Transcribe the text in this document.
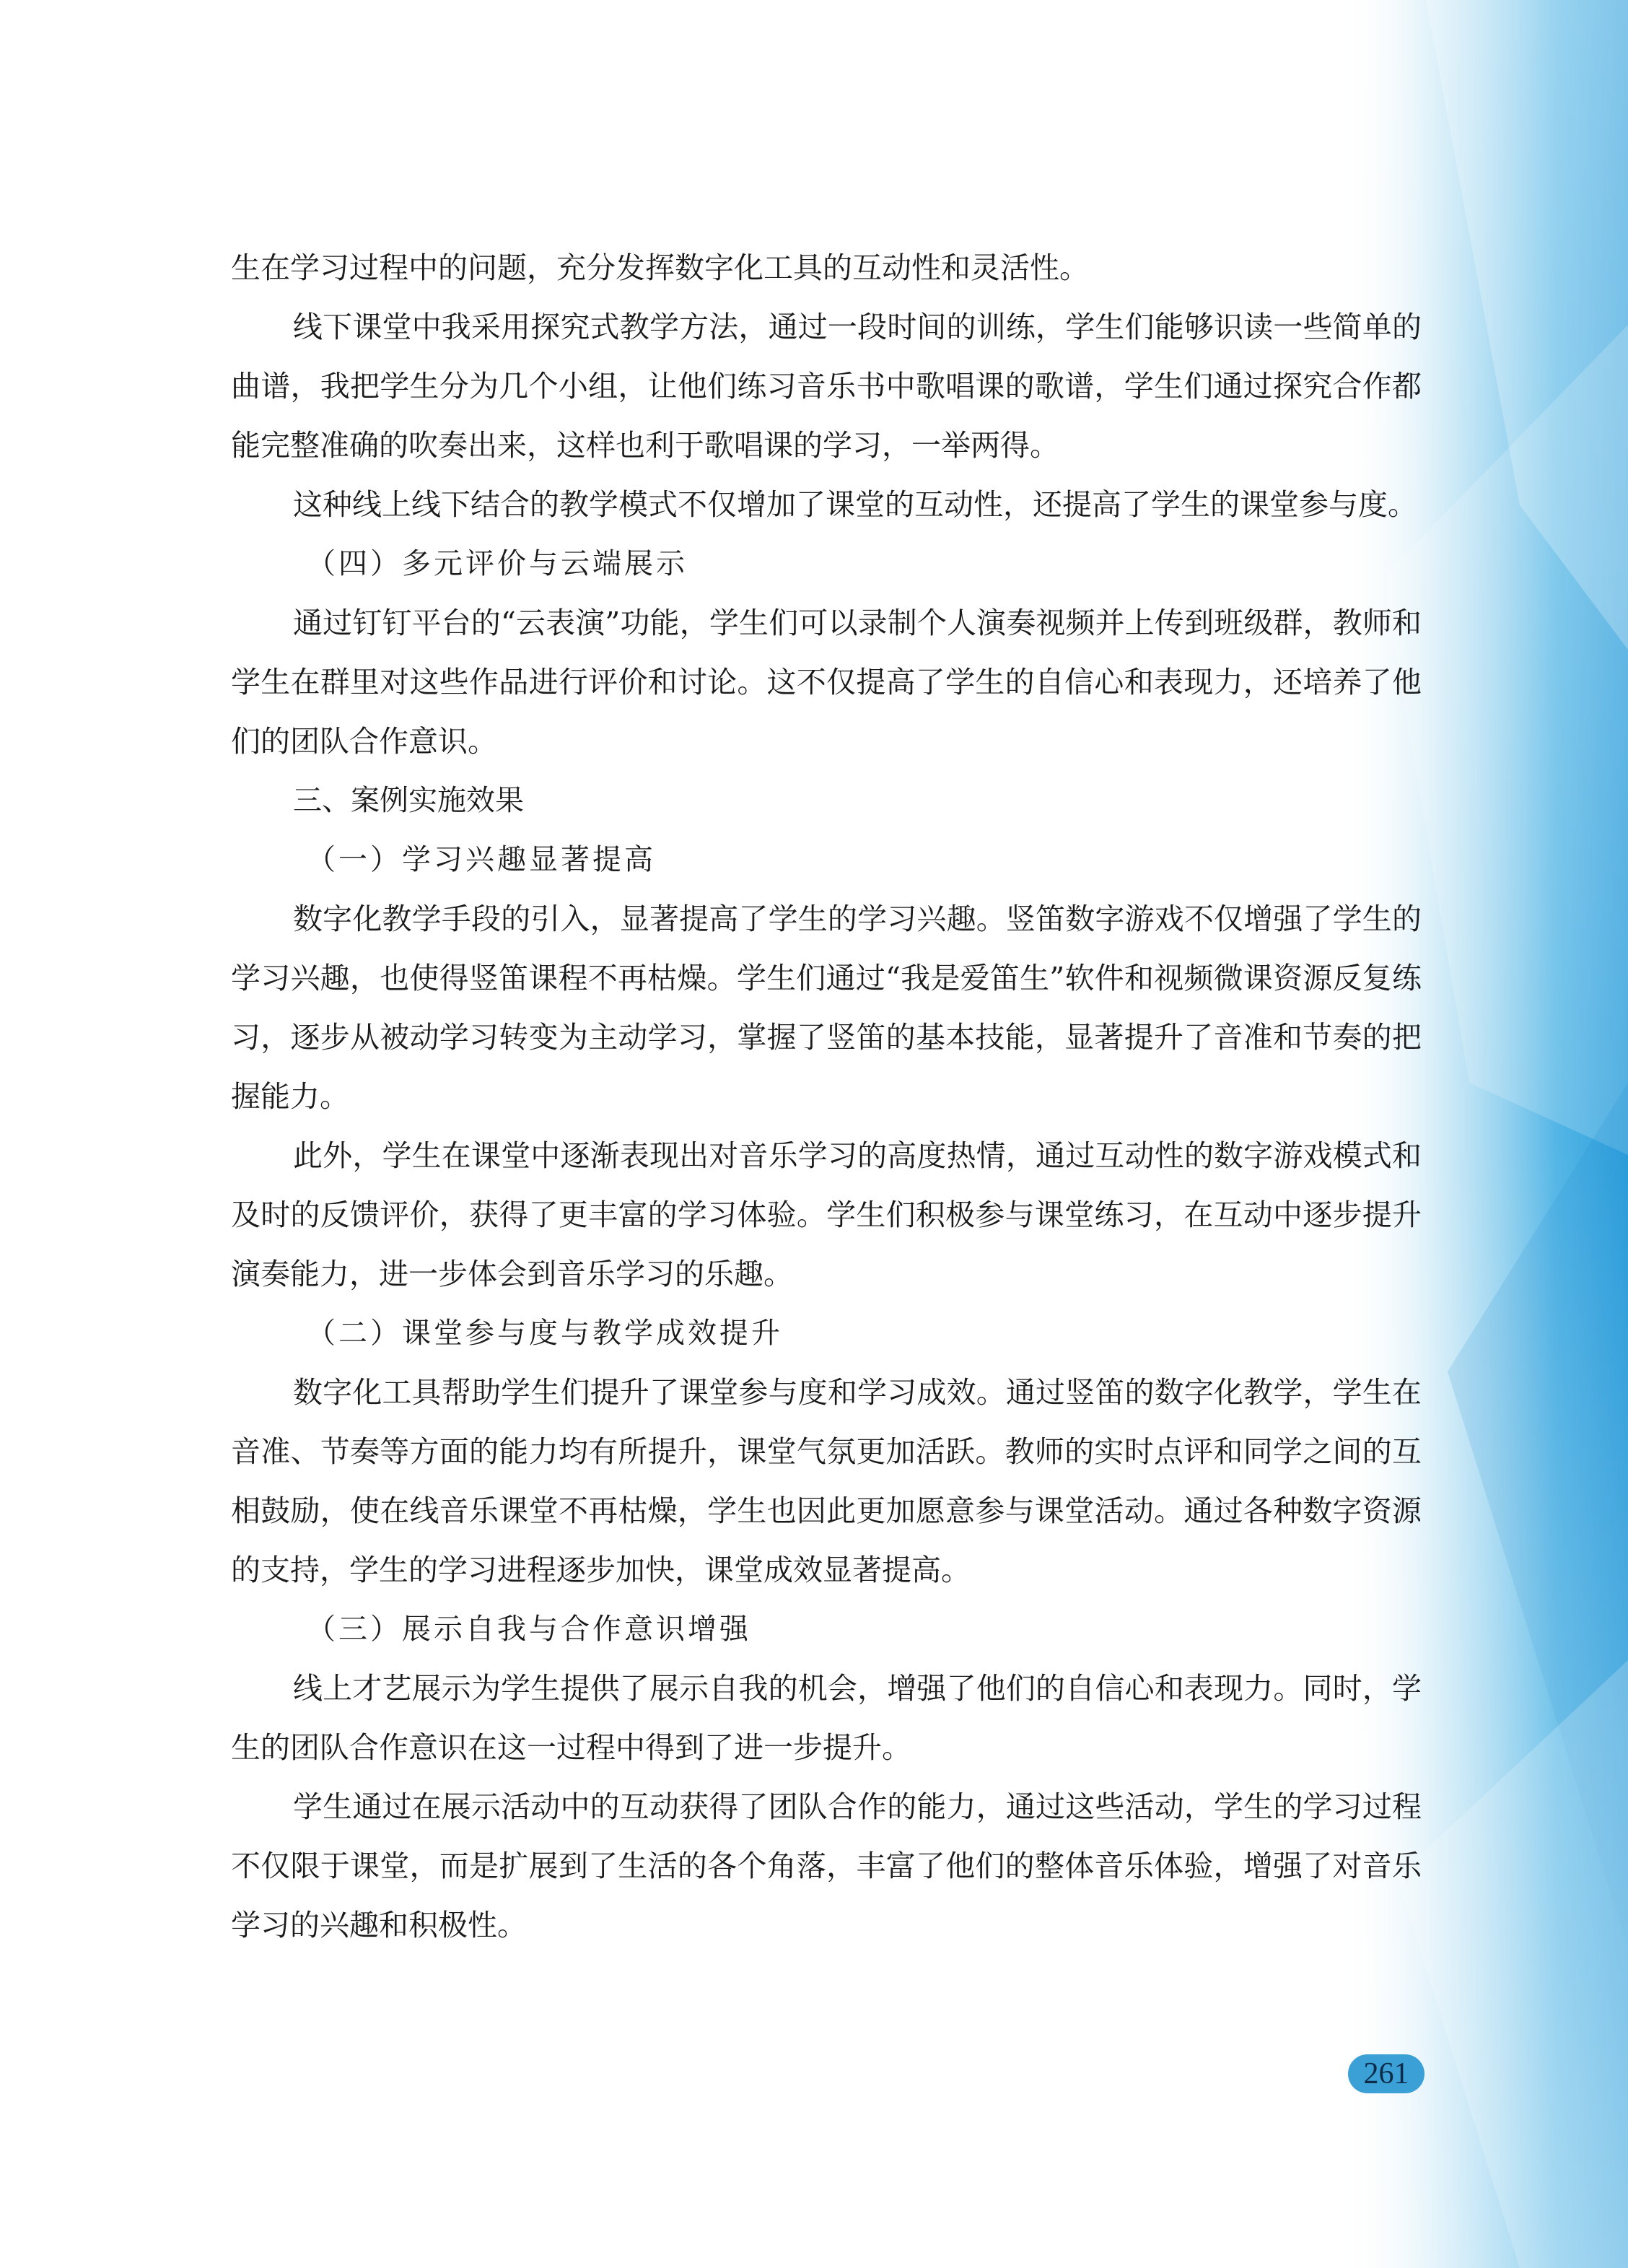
生在学习过程中的问题，充分发挥数字化工具的互动性和灵活性。

线下课堂中我采用探究式教学方法，通过一段时间的训练，学生们能够识读一些简单的曲谱，我把学生分为几个小组，让他们练习音乐书中歌唱课的歌谱，学生们通过探究合作都能完整准确的吹奏出来，这样也利于歌唱课的学习，一举两得。

这种线上线下结合的教学模式不仅增加了课堂的互动性，还提高了学生的课堂参与度。

（四）多元评价与云端展示

通过钉钉平台的“云表演”功能，学生们可以录制个人演奏视频并上传到班级群，教师和学生在群里对这些作品进行评价和讨论。这不仅提高了学生的自信心和表现力，还培养了他们的团队合作意识。

三、案例实施效果

（一）学习兴趣显著提高

数字化教学手段的引入，显著提高了学生的学习兴趣。竖笛数字游戏不仅增强了学生的学习兴趣，也使得竖笛课程不再枯燥。学生们通过“我是爱笛生”软件和视频微课资源反复练习，逐步从被动学习转变为主动学习，掌握了竖笛的基本技能，显著提升了音准和节奏的把握能力。

此外，学生在课堂中逐渐表现出对音乐学习的高度热情，通过互动性的数字游戏模式和及时的反馈评价，获得了更丰富的学习体验。学生们积极参与课堂练习，在互动中逐步提升演奏能力，进一步体会到音乐学习的乐趣。

（二）课堂参与度与教学成效提升

数字化工具帮助学生们提升了课堂参与度和学习成效。通过竖笛的数字化教学，学生在音准、节奏等方面的能力均有所提升，课堂气氛更加活跃。教师的实时点评和同学之间的互相鼓励，使在线音乐课堂不再枯燥，学生也因此更加愿意参与课堂活动。通过各种数字资源的支持，学生的学习进程逐步加快，课堂成效显著提高。

（三）展示自我与合作意识增强

线上才艺展示为学生提供了展示自我的机会，增强了他们的自信心和表现力。同时，学生的团队合作意识在这一过程中得到了进一步提升。

学生通过在展示活动中的互动获得了团队合作的能力，通过这些活动，学生的学习过程不仅限于课堂，而是扩展到了生活的各个角落，丰富了他们的整体音乐体验，增强了对音乐学习的兴趣和积极性。

261
